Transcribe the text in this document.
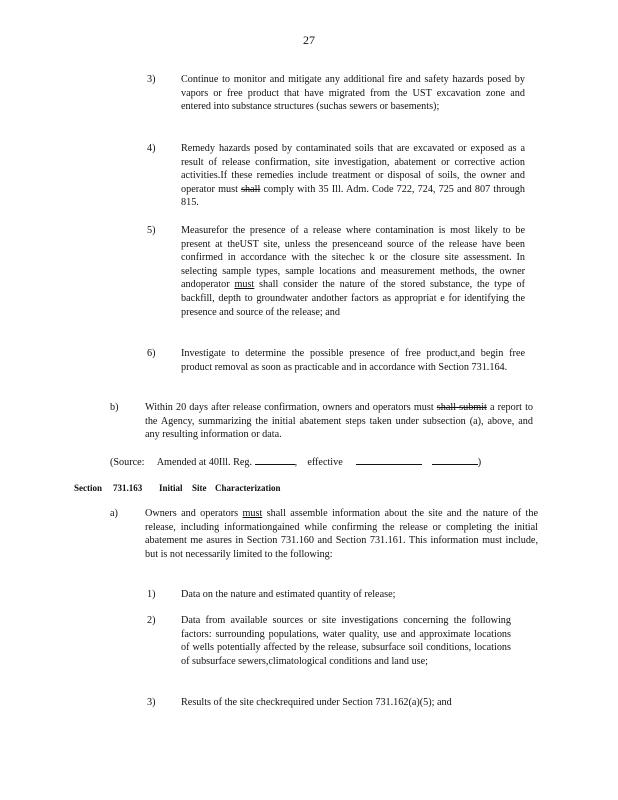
27
3)	Continue to monitor and mitigate any additional fire and safety hazards posed by vapors or free product that have migrated from the UST excavation zone and entered into substance structures (suchas sewers or basements);
4)	Remedy hazards posed by contaminated soils that are excavated or exposed as a result of release confirmation, site investigation, abatement or corrective action activities.If these remedies include treatment or disposal of soils, the owner and operator must shall comply with 35 Ill. Adm. Code 722, 724, 725 and 807 through 815.
5)	Measurefor the presence of a release where contamination is most likely to be present at theUST site, unless the presenceand source of the release have been confirmed in accordance with the sitechec k or the closure site assessment. In selecting sample types, sample locations and measurement methods, the owner andoperator must shall consider the nature of the stored substance, the type of backfill, depth to groundwater andother factors as appropriat e for identifying the presence and source of the release; and
6)	Investigate to determine the possible presence of free product,and begin free product removal as soon as practicable and in accordance with Section 731.164.
b)	Within 20 days after release confirmation, owners and operators must shall submit a report to the Agency, summarizing the initial abatement steps taken under subsection (a), above, and any resulting information or data.
(Source: Amended at 40Ill. Reg.	,    effective	)
Section 731.163 Initial Site Characterization
a)	Owners and operators must shall assemble information about the site and the nature of the release, including informationgained while confirming the release or completing the initial abatement me asures in Section 731.160 and Section 731.161. This information must include, but is not necessarily limited to the following:
1)	Data on the nature and estimated quantity of release;
2)	Data from available sources or site investigations concerning the following factors: surrounding populations, water quality, use and approximate locations of wells potentially affected by the release, subsurface soil conditions, locations of subsurface sewers,climatological conditions and land use;
3)	Results of the site checkrequired under Section 731.162(a)(5); and
